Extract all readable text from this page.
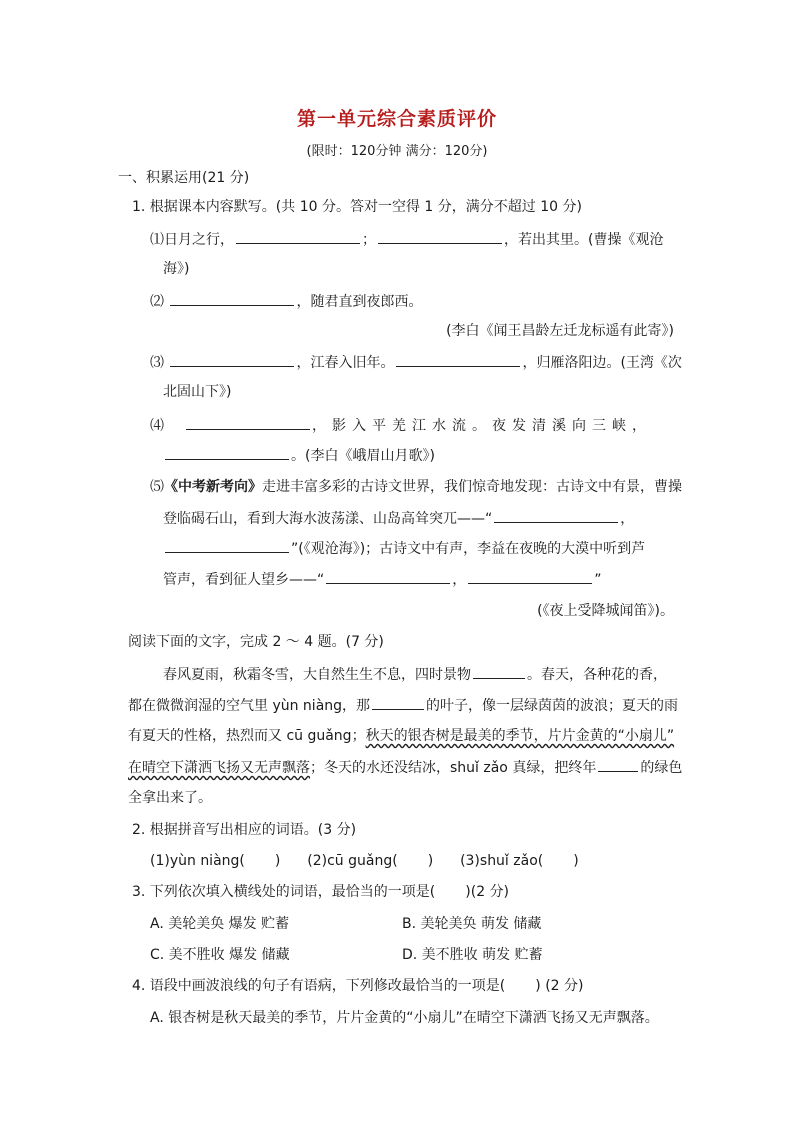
第一单元综合素质评价
(限时：120分钟 满分：120分)
一、积累运用(21 分)
1. 根据课本内容默写。(共 10 分。答对一空得 1 分，满分不超过 10 分)
⑴日月之行，	；	，若出其里。(曹操《观沧
海》)
⑵	，随君直到夜郎西。
(李白《闻王昌龄左迁龙标遥有此寄》)
⑶	，江春入旧年。	，归雁洛阳边。(王湾《次
北固山下》)
⑷	，影入平羌江水流。夜发清溪向三峡，
。(李白《峨眉山月歌》)
⑸《中考新考向》走进丰富多彩的古诗文世界，我们惊奇地发现：古诗文中有景，曹操
登临碣石山，看到大海水波荡漾、山岛高耸突兀——“	，
”(《观沧海》)；古诗文中有声，李益在夜晚的大漠中听到芦
管声，看到征人望乡——“	，	”
(《夜上受降城闻笛》)。
阅读下面的文字，完成 2 ～ 4 题。(7 分)
春风夏雨，秋霜冬雪，大自然生生不息，四时景物	。春天，各种花的香，
都在微微润湿的空气里 yùn niàng，那	的叶子，像一层绿茵茵的波浪；夏天的雨
有夏天的性格，热烈而又 cū guǎng；秋天的银杏树是最美的季节，片片金黄的“小扇儿”
在晴空下潇洒飞扬又无声飘落；冬天的水还没结冰，shuǐ zǎo 真绿，把终年	的绿色
全拿出来了。
2. 根据拼音写出相应的词语。(3 分)
(1)yùn niàng( ) (2)cū guǎng( ) (3)shuǐ zǎo( )
3. 下列依次填入横线处的词语，最恰当的一项是( )(2 分)
A. 美轮美奂 爆发 贮蓄	B. 美轮美奂 萌发 储藏
C. 美不胜收 爆发 储藏	D. 美不胜收 萌发 贮蓄
4. 语段中画波浪线的句子有语病，下列修改最恰当的一项是( ) (2 分)
A. 银杏树是秋天最美的季节，片片金黄的“小扇儿”在晴空下潇洒飞扬又无声飘落。
